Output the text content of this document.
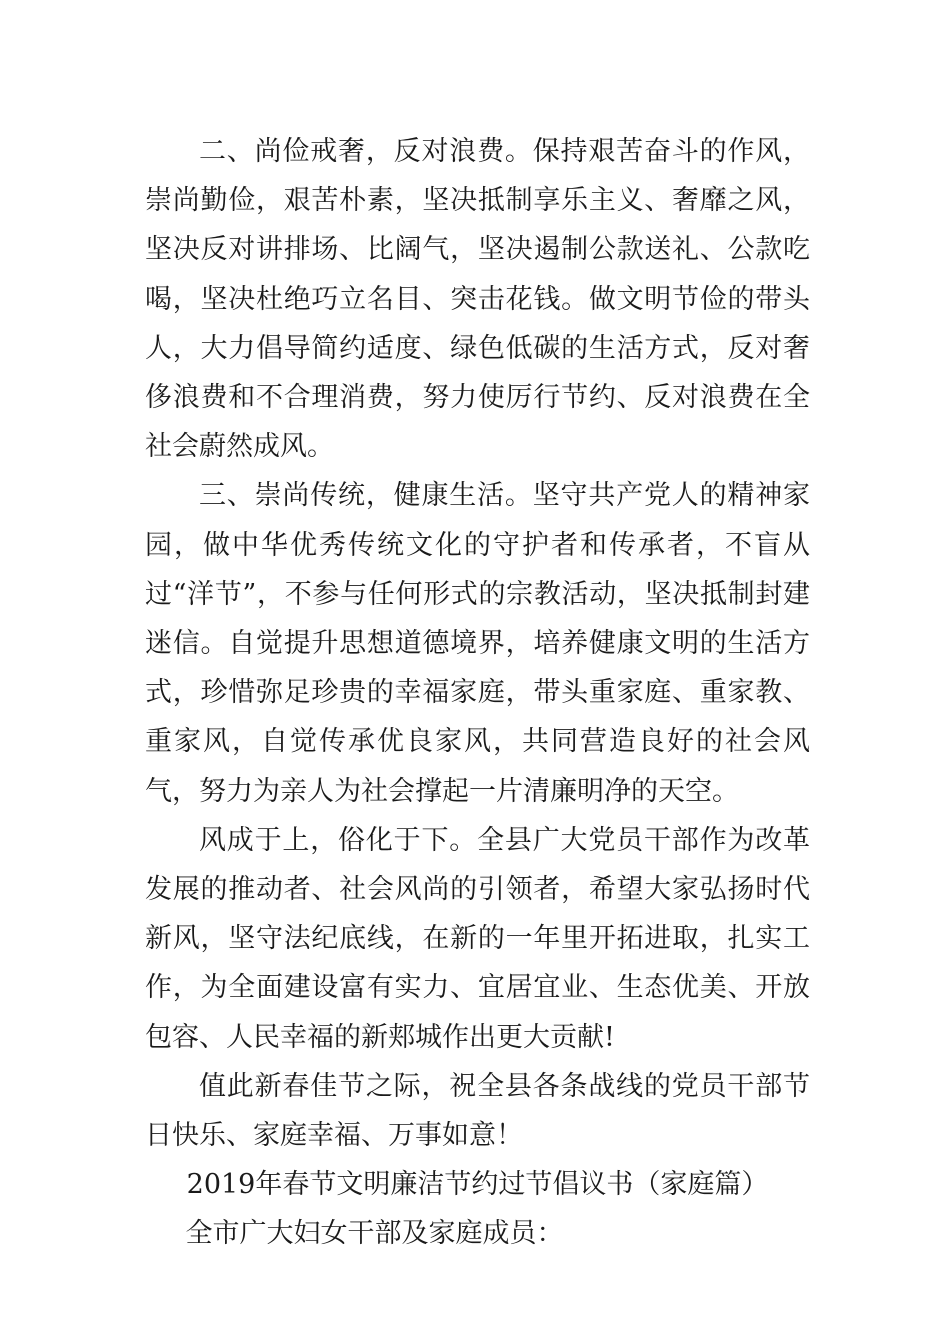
二、尚俭戒奢，反对浪费。保持艰苦奋斗的作风，崇尚勤俭，艰苦朴素，坚决抵制享乐主义、奢靡之风，坚决反对讲排场、比阔气，坚决遏制公款送礼、公款吃喝，坚决杜绝巧立名目、突击花钱。做文明节俭的带头人，大力倡导简约适度、绿色低碳的生活方式，反对奢侈浪费和不合理消费，努力使厉行节约、反对浪费在全社会蔚然成风。

三、崇尚传统，健康生活。坚守共产党人的精神家园，做中华优秀传统文化的守护者和传承者，不盲从过“洋节”，不参与任何形式的宗教活动，坚决抵制封建迷信。自觉提升思想道德境界，培养健康文明的生活方式，珍惜弥足珍贵的幸福家庭，带头重家庭、重家教、重家风，自觉传承优良家风，共同营造良好的社会风气，努力为亲人为社会撑起一片清廉明净的天空。

风成于上，俗化于下。全县广大党员干部作为改革发展的推动者、社会风尚的引领者，希望大家弘扬时代新风，坚守法纪底线，在新的一年里开拓进取，扎实工作，为全面建设富有实力、宜居宜业、生态优美、开放包容、人民幸福的新郏城作出更大贡献!

值此新春佳节之际，祝全县各条战线的党员干部节日快乐、家庭幸福、万事如意！

2019年春节文明廉洁节约过节倡议书（家庭篇）

全市广大妇女干部及家庭成员：
